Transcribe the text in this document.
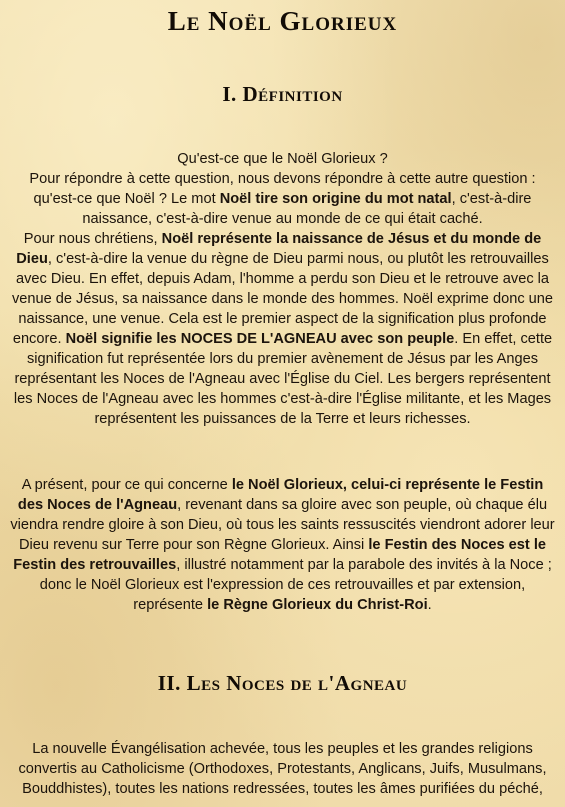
Le Noël Glorieux
I. Définition

Qu'est-ce que le Noël Glorieux ?
Pour répondre à cette question, nous devons répondre à cette autre question : qu'est-ce que Noël ? Le mot Noël tire son origine du mot natal, c'est-à-dire naissance, c'est-à-dire venue au monde de ce qui était caché.
Pour nous chrétiens, Noël représente la naissance de Jésus et du monde de Dieu, c'est-à-dire la venue du règne de Dieu parmi nous, ou plutôt les retrouvailles avec Dieu. En effet, depuis Adam, l'homme a perdu son Dieu et le retrouve avec la venue de Jésus, sa naissance dans le monde des hommes. Noël exprime donc une naissance, une venue. Cela est le premier aspect de la signification plus profonde encore. Noël signifie les NOCES DE L'AGNEAU avec son peuple. En effet, cette signification fut représentée lors du premier avènement de Jésus par les Anges représentant les Noces de l'Agneau avec l'Église du Ciel. Les bergers représentent les Noces de l'Agneau avec les hommes c'est-à-dire l'Église militante, et les Mages représentent les puissances de la Terre et leurs richesses.

A présent, pour ce qui concerne le Noël Glorieux, celui-ci représente le Festin des Noces de l'Agneau, revenant dans sa gloire avec son peuple, où chaque élu viendra rendre gloire à son Dieu, où tous les saints ressuscités viendront adorer leur Dieu revenu sur Terre pour son Règne Glorieux. Ainsi le Festin des Noces est le Festin des retrouvailles, illustré notamment par la parabole des invités à la Noce ; donc le Noël Glorieux est l'expression de ces retrouvailles et par extension, représente le Règne Glorieux du Christ-Roi.

II. Les Noces de l'Agneau

La nouvelle Évangélisation achevée, tous les peuples et les grandes religions convertis au Catholicisme (Orthodoxes, Protestants, Anglicans, Juifs, Musulmans, Bouddhistes), toutes les nations redressées, toutes les âmes purifiées du péché,
